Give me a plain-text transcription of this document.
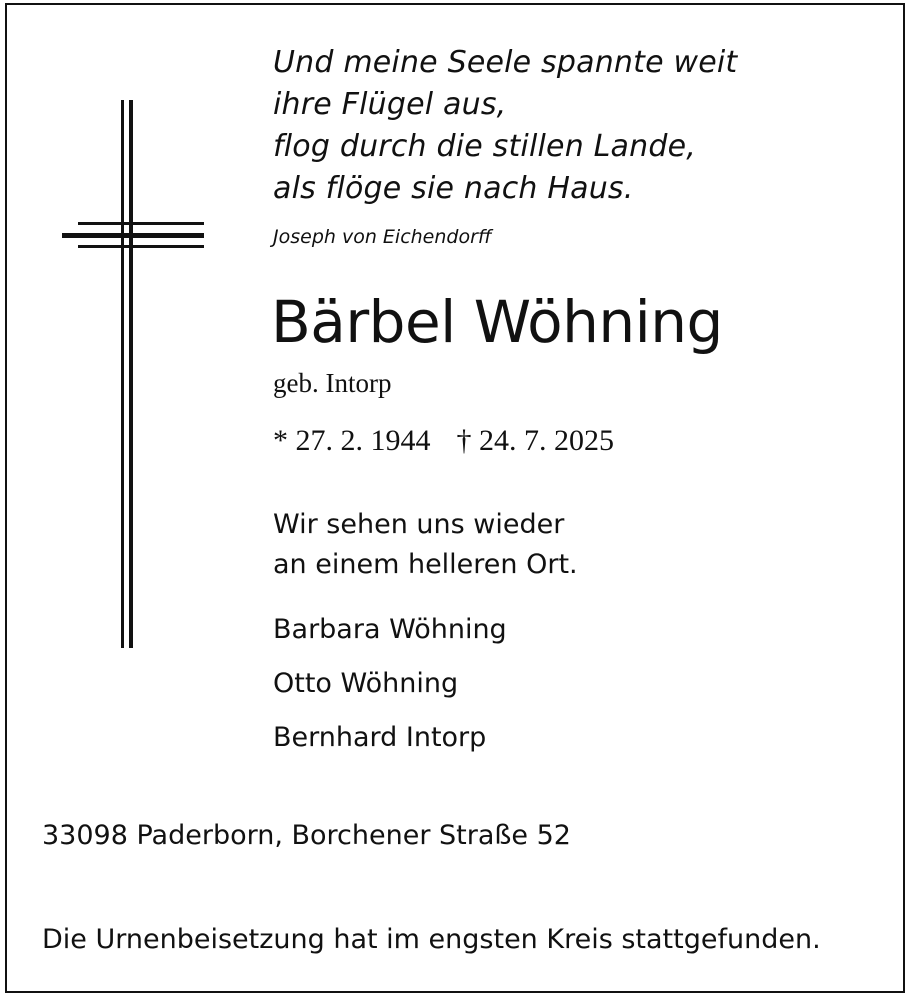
Und meine Seele spannte weit
ihre Flügel aus,
flog durch die stillen Lande,
als flöge sie nach Haus.
Joseph von Eichendorff
Bärbel Wöhning
geb. Intorp
* 27. 2. 1944 † 24. 7. 2025
Wir sehen uns wieder
an einem helleren Ort.
Barbara Wöhning
Otto Wöhning
Bernhard Intorp
33098 Paderborn, Borchener Straße 52
Die Urnenbeisetzung hat im engsten Kreis stattgefunden.
